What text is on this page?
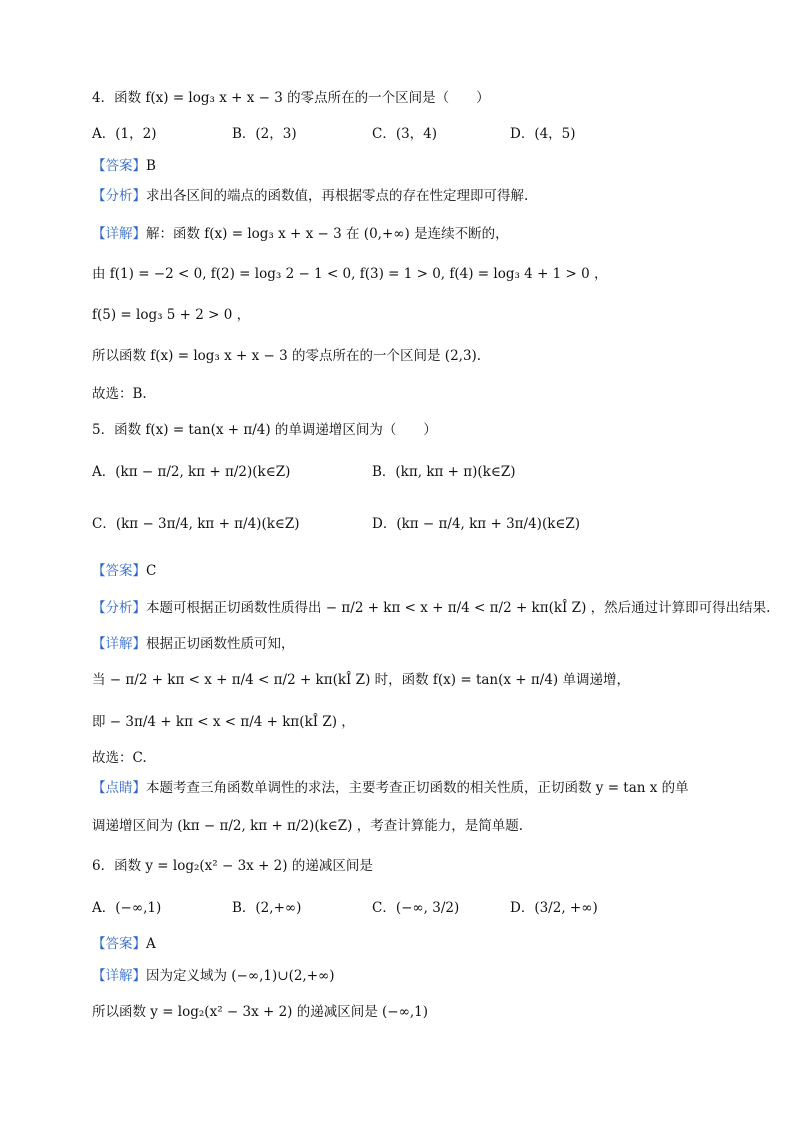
4．函数 f(x) = log₃ x + x − 3 的零点所在的一个区间是（　　）
A．(1，2)	B．(2，3)	C．(3，4)	D．(4，5)
【答案】B
【分析】求出各区间的端点的函数值，再根据零点的存在性定理即可得解.
【详解】解：函数 f(x) = log₃ x + x − 3 在 (0,+∞) 是连续不断的，
由 f(1) = −2 < 0, f(2) = log₃ 2 − 1 < 0, f(3) = 1 > 0, f(4) = log₃ 4 + 1 > 0 ，
f(5) = log₃ 5 + 2 > 0 ，
所以函数 f(x) = log₃ x + x − 3 的零点所在的一个区间是 (2,3).
故选：B.
5．函数 f(x) = tan(x + π/4) 的单调递增区间为（　　）
A．(kπ − π/2, kπ + π/2)(k∈Z)	B．(kπ, kπ + π)(k∈Z)
C．(kπ − 3π/4, kπ + π/4)(k∈Z)	D．(kπ − π/4, kπ + 3π/4)(k∈Z)
【答案】C
【分析】本题可根据正切函数性质得出 − π/2 + kπ < x + π/4 < π/2 + kπ(kÎ Z) ，然后通过计算即可得出结果.
【详解】根据正切函数性质可知，
当 − π/2 + kπ < x + π/4 < π/2 + kπ(kÎ Z) 时，函数 f(x) = tan(x + π/4) 单调递增，
即 − 3π/4 + kπ < x < π/4 + kπ(kÎ Z) ，
故选：C.
【点睛】本题考查三角函数单调性的求法，主要考查正切函数的相关性质，正切函数 y = tan x 的单
调递增区间为 (kπ − π/2, kπ + π/2)(k∈Z) ，考查计算能力，是简单题.
6．函数 y = log₂(x² − 3x + 2) 的递减区间是
A．(−∞,1)	B．(2,+∞)	C．(−∞, 3/2)	D．(3/2, +∞)
【答案】A
【详解】因为定义域为 (−∞,1)∪(2,+∞)
所以函数 y = log₂(x² − 3x + 2) 的递减区间是 (−∞,1)
